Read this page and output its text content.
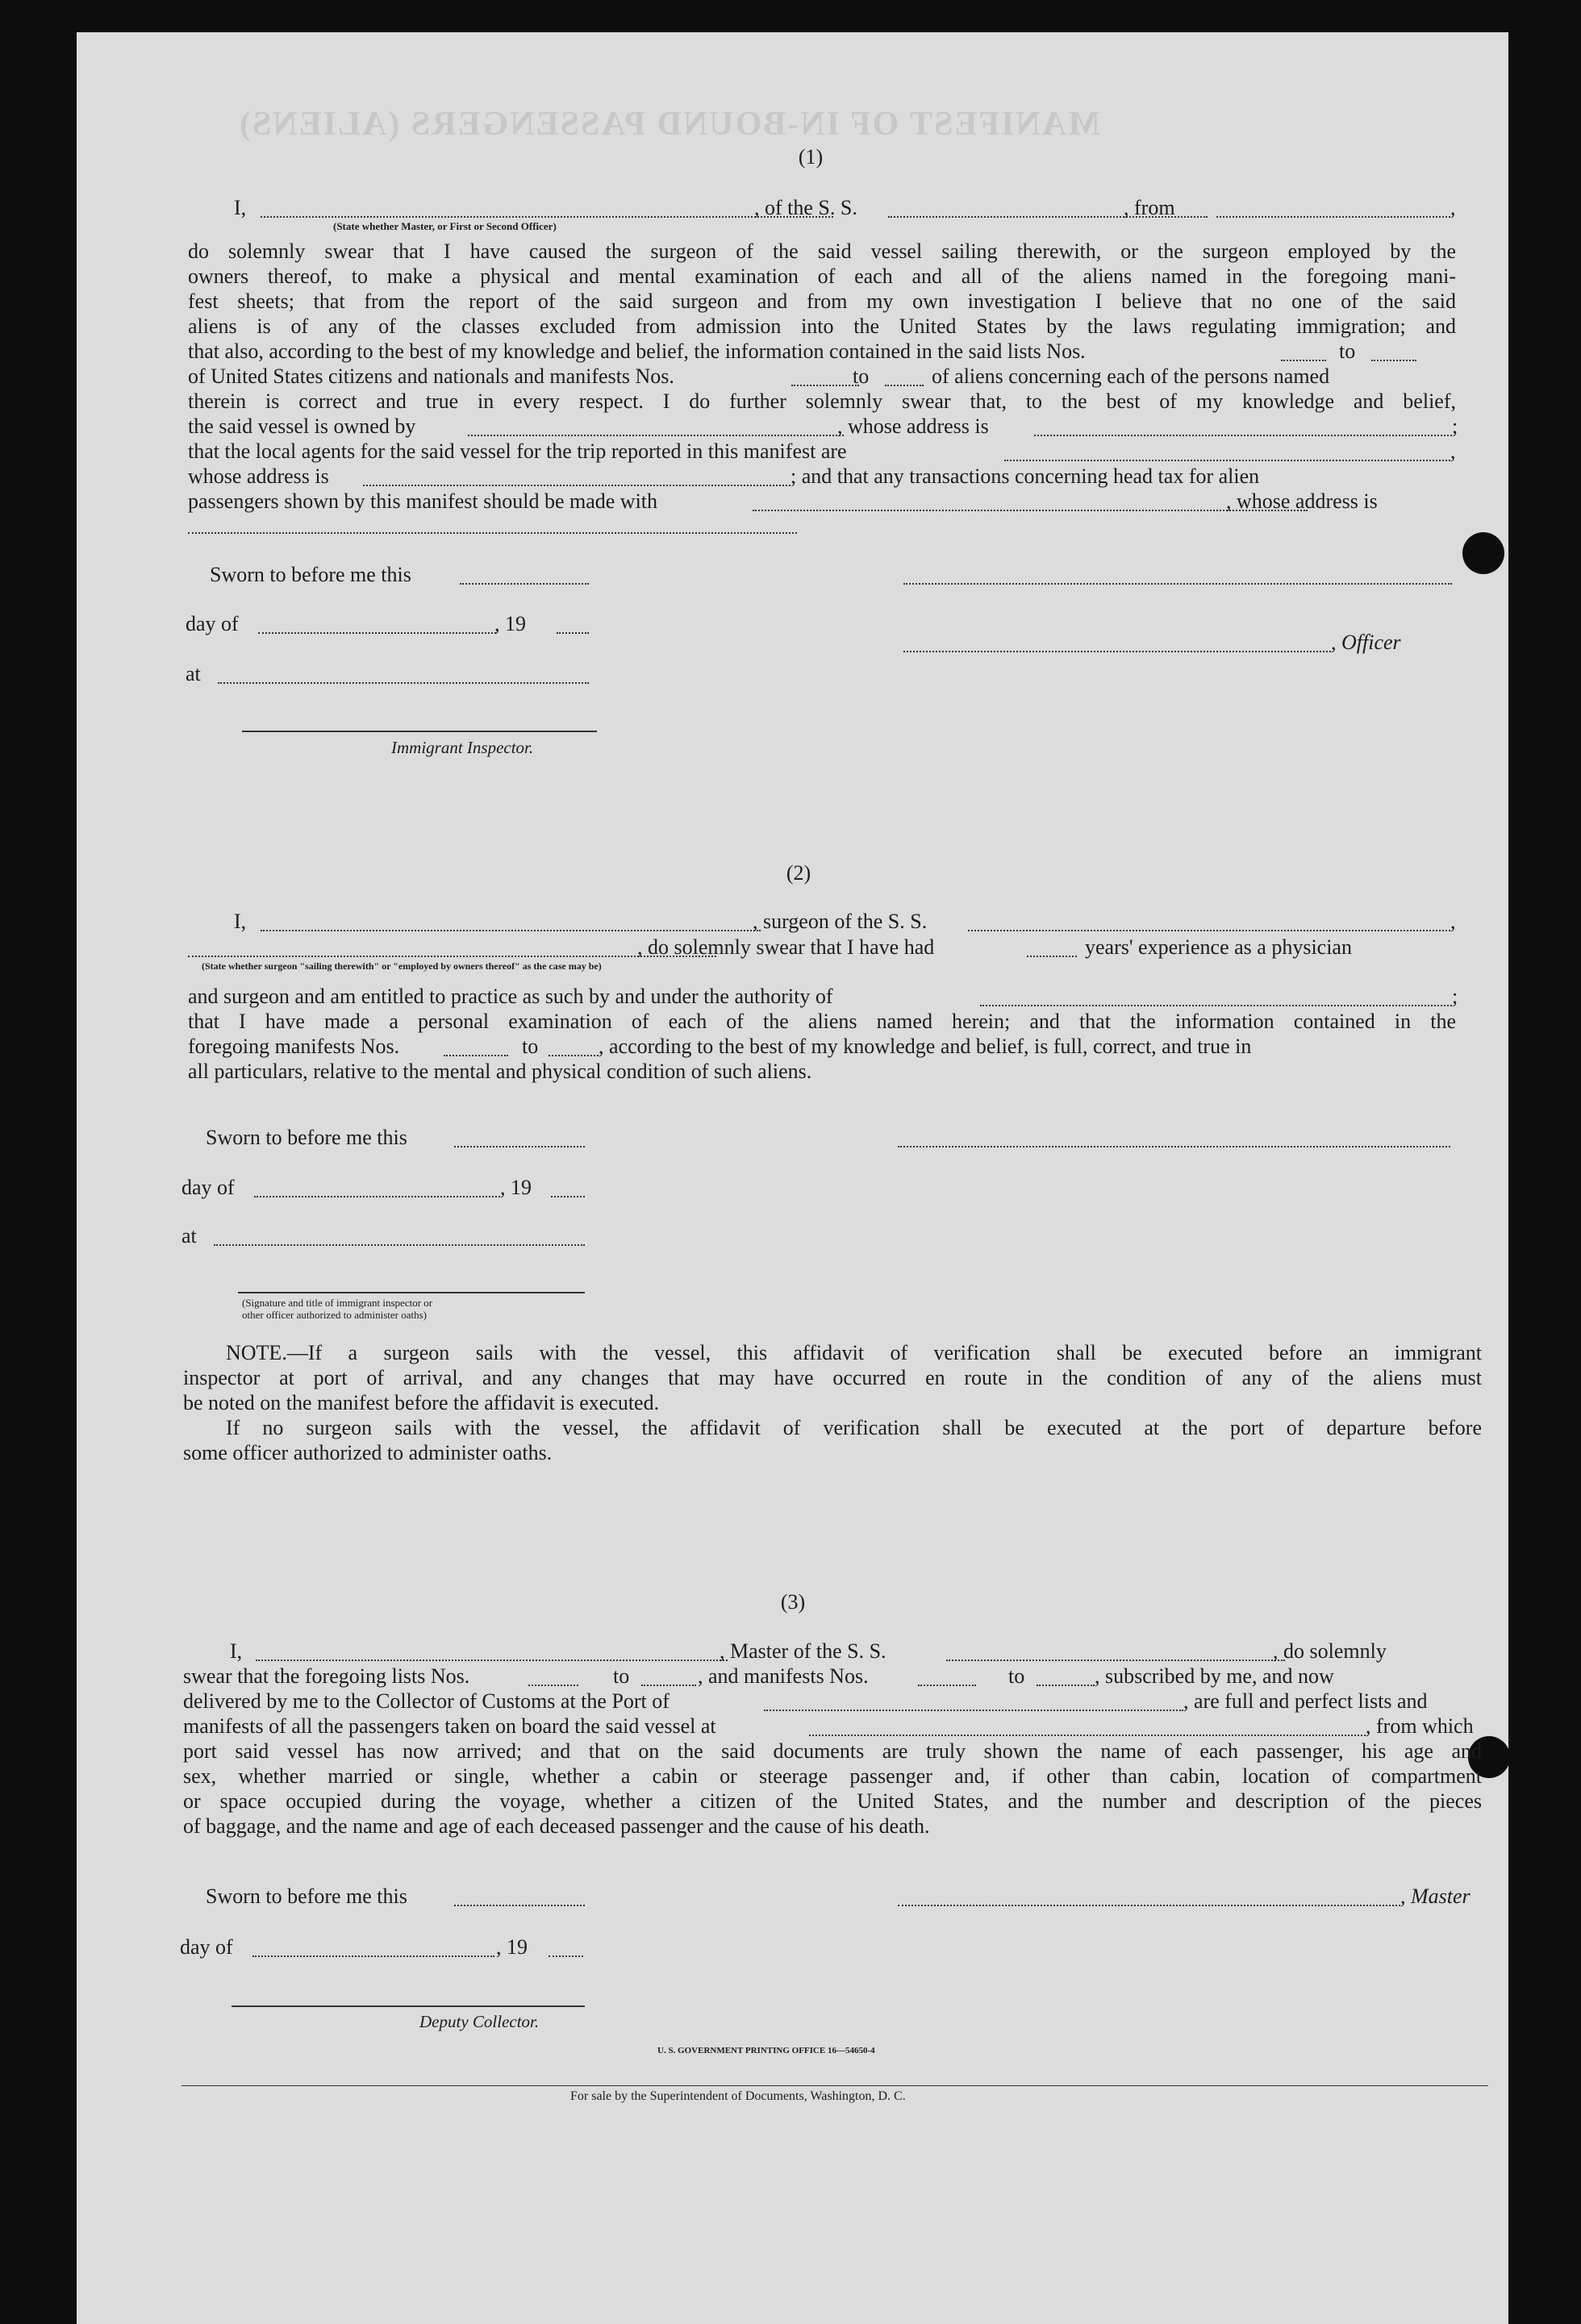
MANIFEST OF IN-BOUND PASSENGERS (ALIENS)
(1)
I,	, of the S. S.	, from	,
(State whether Master, or First or Second Officer)
do solemnly swear that I have caused the surgeon of the said vessel sailing therewith, or the surgeon employed by the
owners thereof, to make a physical and mental examination of each and all of the aliens named in the foregoing mani-
fest sheets; that from the report of the said surgeon and from my own investigation I believe that no one of the said
aliens is of any of the classes excluded from admission into the United States by the laws regulating immigration; and
that also, according to the best of my knowledge and belief, the information contained in the said lists Nos.	to
of United States citizens and nationals and manifests Nos.	to	of aliens concerning each of the persons named
therein is correct and true in every respect. I do further solemnly swear that, to the best of my knowledge and belief,
the said vessel is owned by	, whose address is	;
that the local agents for the said vessel for the trip reported in this manifest are	,
whose address is	; and that any transactions concerning head tax for alien
passengers shown by this manifest should be made with	, whose address is
Sworn to before me this
day of	, 19
, Officer
at
Immigrant Inspector.
(2)
I,	, surgeon of the S. S.	,
, do solemnly swear that I have had	years' experience as a physician
(State whether surgeon "sailing therewith" or "employed by owners thereof" as the case may be)
and surgeon and am entitled to practice as such by and under the authority of	;
that I have made a personal examination of each of the aliens named herein; and that the information contained in the
foregoing manifests Nos.	to	, according to the best of my knowledge and belief, is full, correct, and true in
all particulars, relative to the mental and physical condition of such aliens.
Sworn to before me this
day of	, 19
at
(Signature and title of immigrant inspector or
other officer authorized to administer oaths)
NOTE.—If a surgeon sails with the vessel, this affidavit of verification shall be executed before an immigrant
inspector at port of arrival, and any changes that may have occurred en route in the condition of any of the aliens must
be noted on the manifest before the affidavit is executed.
If no surgeon sails with the vessel, the affidavit of verification shall be executed at the port of departure before
some officer authorized to administer oaths.
(3)
I,	, Master of the S. S.	, do solemnly
swear that the foregoing lists Nos.	to	, and manifests Nos.	to	, subscribed by me, and now
delivered by me to the Collector of Customs at the Port of	, are full and perfect lists and
manifests of all the passengers taken on board the said vessel at	, from which
port said vessel has now arrived; and that on the said documents are truly shown the name of each passenger, his age and
sex, whether married or single, whether a cabin or steerage passenger and, if other than cabin, location of compartment
or space occupied during the voyage, whether a citizen of the United States, and the number and description of the pieces
of baggage, and the name and age of each deceased passenger and the cause of his death.
Sworn to before me this	, Master
day of	, 19
Deputy Collector.
U. S. GOVERNMENT PRINTING OFFICE 16—54650-4
For sale by the Superintendent of Documents, Washington, D. C.
